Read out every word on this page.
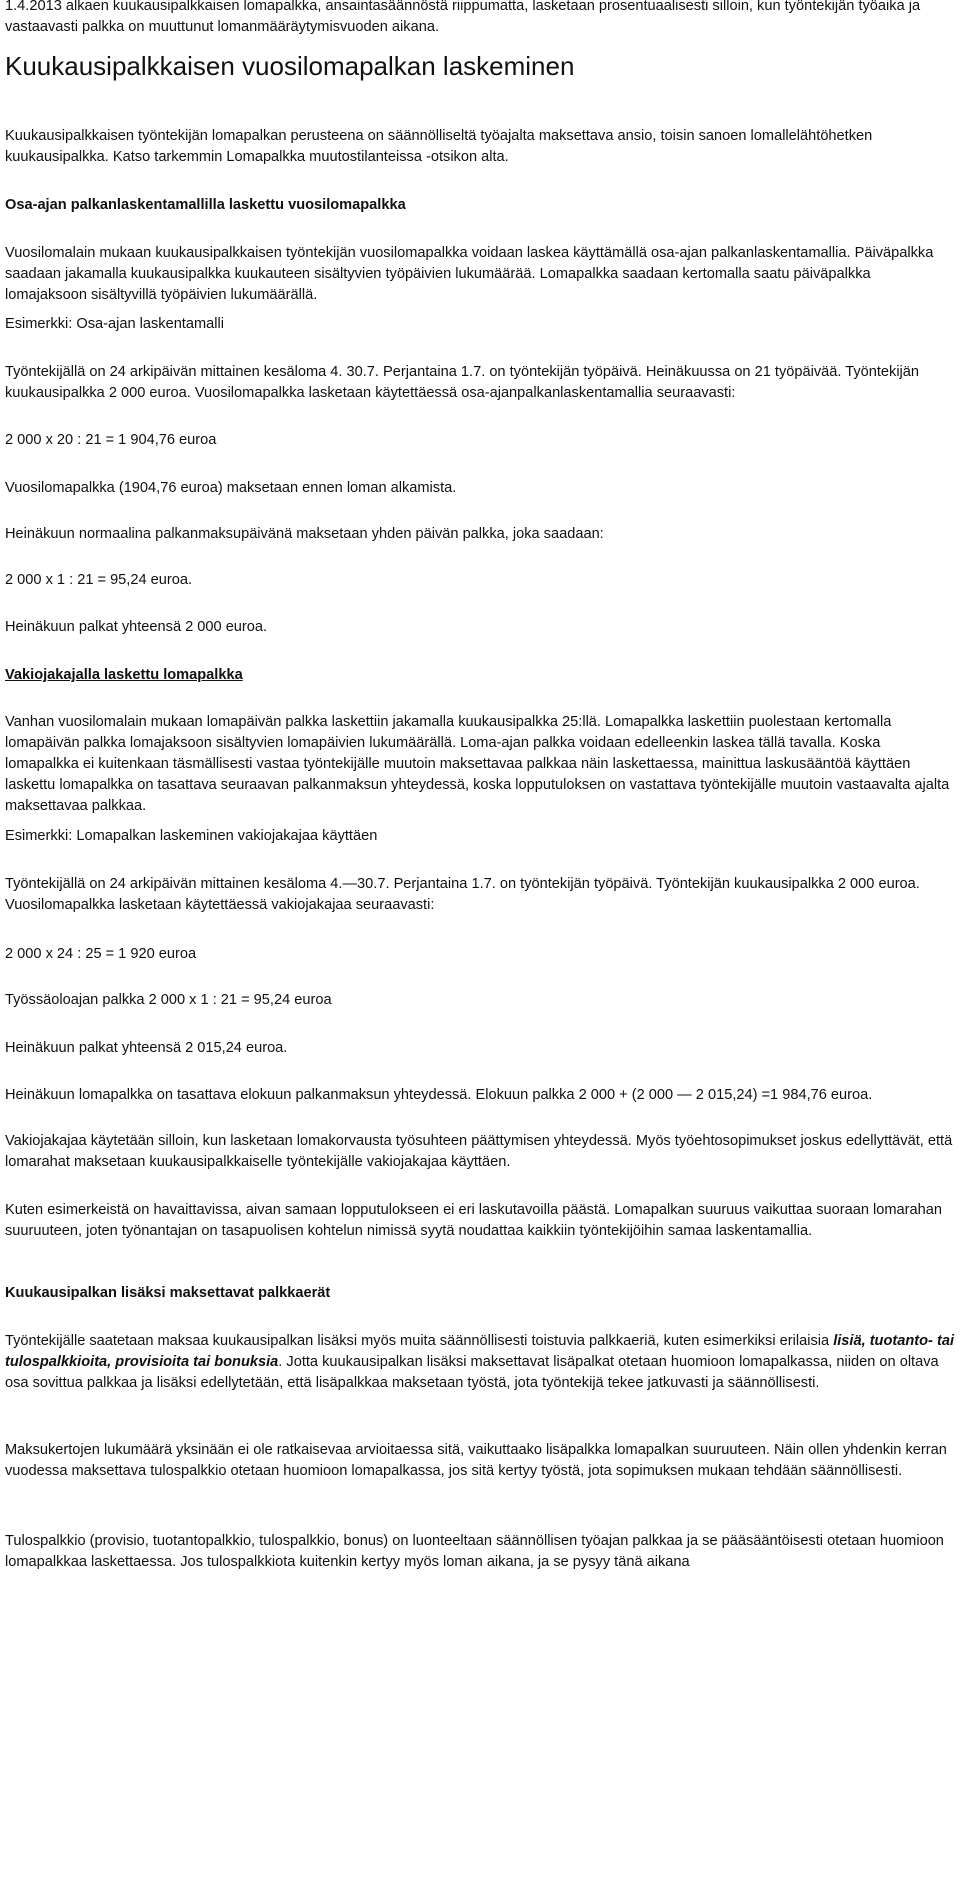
1.4.2013 alkaen kuukausipalkkaisen lomapalkka, ansaintasäännöstä riippumatta, lasketaan prosentuaalisesti silloin, kun työntekijän työaika ja vastaavasti palkka on muuttunut lomanmääräytymisvuoden aikana.

Kuukausipalkkaisen vuosilomapalkan laskeminen

Kuukausipalkkaisen työntekijän lomapalkan perusteena on säännölliseltä työajalta maksettava ansio, toisin sanoen lomallelähtöhetken kuukausipalkka. Katso tarkemmin Lomapalkka muutostilanteissa -otsikon alta.

Osa-ajan palkanlaskentamallilla laskettu vuosilomapalkka

Vuosilomalain mukaan kuukausipalkkaisen työntekijän vuosilomapalkka voidaan laskea käyttämällä osa-ajan palkanlaskentamallia. Päiväpalkka saadaan jakamalla kuukausipalkka kuukauteen sisältyvien työpäivien lukumäärää. Lomapalkka saadaan kertomalla saatu päiväpalkka lomajaksoon sisältyvillä työpäivien lukumäärällä.

Esimerkki: Osa-ajan laskentamalli

Työntekijällä on 24 arkipäivän mittainen kesäloma 4. 30.7. Perjantaina 1.7. on työntekijän työpäivä. Heinäkuussa on 21 työpäivää. Työntekijän kuukausipalkka 2 000 euroa. Vuosilomapalkka lasketaan käytettäessä osa-ajanpalkanlaskentamallia seuraavasti:

2 000 x 20 : 21 = 1 904,76 euroa

Vuosilomapalkka (1904,76 euroa) maksetaan ennen loman alkamista.

Heinäkuun normaalina palkanmaksupäivänä maksetaan yhden päivän palkka, joka saadaan:

2 000 x 1 : 21 = 95,24 euroa.

Heinäkuun palkat yhteensä 2 000 euroa.

Vakiojakajalla laskettu lomapalkka

Vanhan vuosilomalain mukaan lomapäivän palkka laskettiin jakamalla kuukausipalkka 25:llä. Lomapalkka laskettiin puolestaan kertomalla lomapäivän palkka lomajaksoon sisältyvien lomapäivien lukumäärällä. Loma-ajan palkka voidaan edelleenkin laskea tällä tavalla. Koska lomapalkka ei kuitenkaan täsmällisesti vastaa työntekijälle muutoin maksettavaa palkkaa näin laskettaessa, mainittua laskusääntöä käyttäen laskettu lomapalkka on tasattava seuraavan palkanmaksun yhteydessä, koska lopputuloksen on vastattava työntekijälle muutoin vastaavalta ajalta maksettavaa palkkaa.

Esimerkki: Lomapalkan laskeminen vakiojakajaa käyttäen

Työntekijällä on 24 arkipäivän mittainen kesäloma 4.—30.7. Perjantaina 1.7. on työntekijän työpäivä. Työntekijän kuukausipalkka 2 000 euroa. Vuosilomapalkka lasketaan käytettäessä vakiojakajaa seuraavasti:

2 000 x 24 : 25 = 1 920 euroa

Työssäoloajan palkka 2 000 x 1 : 21 = 95,24 euroa

Heinäkuun palkat yhteensä 2 015,24 euroa.

Heinäkuun lomapalkka on tasattava elokuun palkanmaksun yhteydessä. Elokuun palkka 2 000 + (2 000 — 2 015,24) =1 984,76 euroa.

Vakiojakajaa käytetään silloin, kun lasketaan lomakorvausta työsuhteen päättymisen yhteydessä. Myös työehtosopimukset joskus edellyttävät, että lomarahat maksetaan kuukausipalkkaiselle työntekijälle vakiojakajaa käyttäen.

Kuten esimerkeistä on havaittavissa, aivan samaan lopputulokseen ei eri laskutavoilla päästä. Lomapalkan suuruus vaikuttaa suoraan lomarahan suuruuteen, joten työnantajan on tasapuolisen kohtelun nimissä syytä noudattaa kaikkiin työntekijöihin samaa laskentamallia.

Kuukausipalkan lisäksi maksettavat palkkaerät

Työntekijälle saatetaan maksaa kuukausipalkan lisäksi myös muita säännöllisesti toistuvia palkkaeriä, kuten esimerkiksi erilaisia lisiä, tuotanto- tai tulospalkkioita, provisioita tai bonuksia. Jotta kuukausipalkan lisäksi maksettavat lisäpalkat otetaan huomioon lomapalkassa, niiden on oltava osa sovittua palkkaa ja lisäksi edellytetään, että lisäpalkkaa maksetaan työstä, jota työntekijä tekee jatkuvasti ja säännöllisesti.

Maksukertojen lukumäärä yksinään ei ole ratkaisevaa arvioitaessa sitä, vaikuttaako lisäpalkka lomapalkan suuruuteen. Näin ollen yhdenkin kerran vuodessa maksettava tulospalkkio otetaan huomioon lomapalkassa, jos sitä kertyy työstä, jota sopimuksen mukaan tehdään säännöllisesti.

Tulospalkkio (provisio, tuotantopalkkio, tulospalkkio, bonus) on luonteeltaan säännöllisen työajan palkkaa ja se pääsääntöisesti otetaan huomioon lomapalkkaa laskettaessa. Jos tulospalkkiota kuitenkin kertyy myös loman aikana, ja se pysyy tänä aikana
